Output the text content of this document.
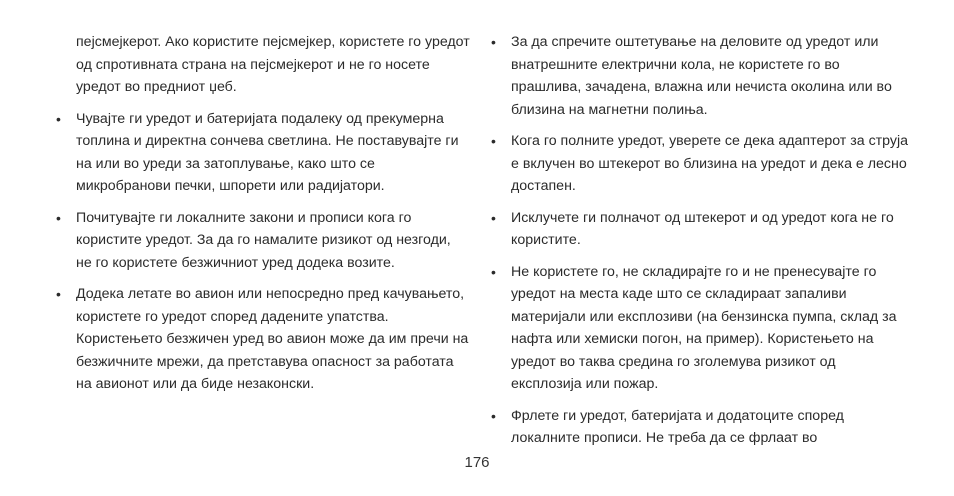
пејсмејкерот. Ако користите пејсмејкер, користете го уредот од спротивната страна на пејсмејкерот и не го носете уредот во предниот џеб.
•	Чувајте ги уредот и батеријата подалеку од прекумерна топлина и директна сончева светлина. Не поставувајте ги на или во уреди за затоплување, како што се микробранови печки, шпорети или радијатори.
•	Почитувајте ги локалните закони и прописи кога го користите уредот. За да го намалите ризикот од незгоди, не го користете безжичниот уред додека возите.
•	Додека летате во авион или непосредно пред качувањето, користете го уредот според дадените упатства. Користењето безжичен уред во авион може да им пречи на безжичните мрежи, да претставува опасност за работата на авионот или да биде незаконски.
•	За да спречите оштетување на деловите од уредот или внатрешните електрични кола, не користете го во прашлива, зачадена, влажна или нечиста околина или во близина на магнетни полиња.
•	Кога го полните уредот, уверете се дека адаптерот за струја е вклучен во штекерот во близина на уредот и дека е лесно достапен.
•	Исклучете ги полначот од штекерот и од уредот кога не го користите.
•	Не користете го, не складирајте го и не пренесувајте го уредот на места каде што се складираат запаливи материјали или експлозиви (на бензинска пумпа, склад за нафта или хемиски погон, на пример). Користењето на уредот во таква средина го зголемува ризикот од експлозија или пожар.
•	Фрлете ги уредот, батеријата и додатоците според локалните прописи. Не треба да се фрлаат во
176
